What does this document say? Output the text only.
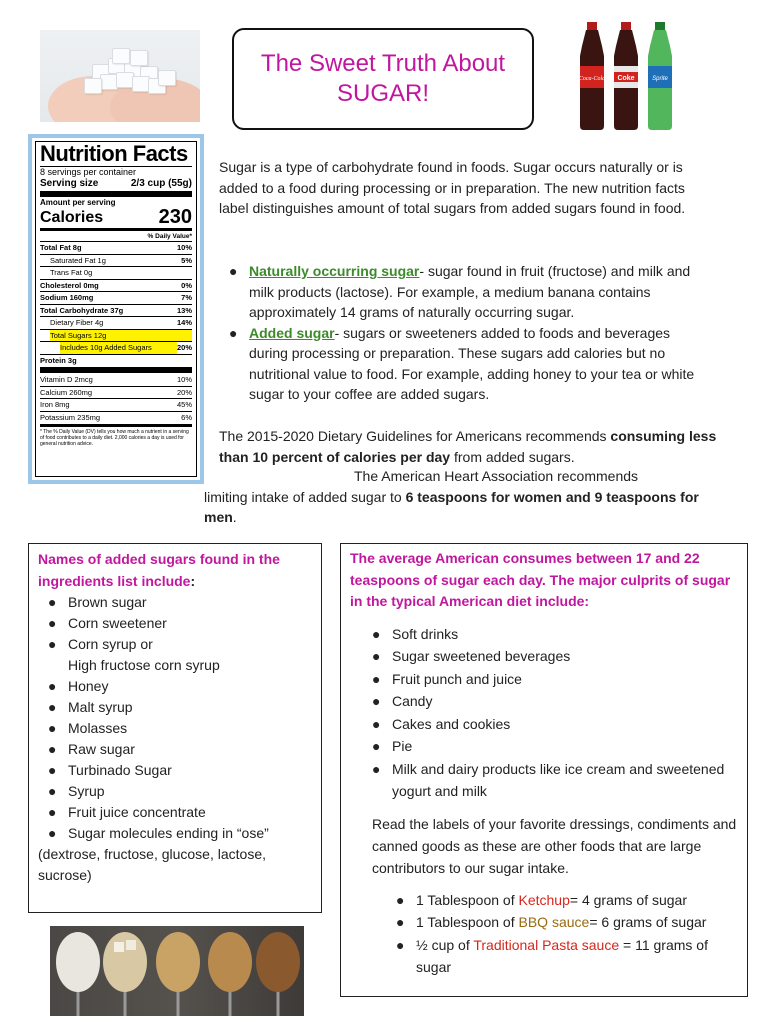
The Sweet Truth About
SUGAR!
Coca-Cola Coke	Sprite
Nutrition Facts
8 servings per container
Serving size	2/3 cup (55g)
Amount per serving
Calories	230
% Daily Value*
Total Fat 8g	10%
Saturated Fat 1g	5%
Trans Fat 0g
Cholesterol 0mg	0%
Sodium 160mg	7%
Total Carbohydrate 37g	13%
Dietary Fiber 4g	14%
Total Sugars 12g
Includes 10g Added Sugars	20%
Protein 3g
Vitamin D 2mcg	10%
Calcium 260mg	20%
Iron 8mg	45%
Potassium 235mg	6%
* The % Daily Value (DV) tells you how much a nutrient in a serving of food contributes to a daily diet. 2,000 calories a day is used for general nutrition advice.
Sugar is a type of carbohydrate found in foods. Sugar occurs naturally or is added to a food during processing or in preparation. The new nutrition facts label distinguishes amount of total sugars from added sugars found in food.
● Naturally occurring sugar- sugar found in fruit (fructose) and milk and milk products (lactose). For example, a medium banana contains approximately 14 grams of naturally occurring sugar.
● Added sugar- sugars or sweeteners added to foods and beverages during processing or preparation. These sugars add calories but no nutritional value to food. For example, adding honey to your tea or white sugar to your coffee are added sugars.
The 2015-2020 Dietary Guidelines for Americans recommends consuming less than 10 percent of calories per day from added sugars.
The American Heart Association recommends
limiting intake of added sugar to 6 teaspoons for women and 9 teaspoons for men.
Names of added sugars found in the ingredients list include:
● Brown sugar
● Corn sweetener
● Corn syrup or
High fructose corn syrup
● Honey
● Malt syrup
● Molasses
● Raw sugar
● Turbinado Sugar
● Syrup
● Fruit juice concentrate
● Sugar molecules ending in “ose”
(dextrose, fructose, glucose, lactose, sucrose)
The average American consumes between 17 and 22 teaspoons of sugar each day. The major culprits of sugar in the typical American diet include:
● Soft drinks
● Sugar sweetened beverages
● Fruit punch and juice
● Candy
● Cakes and cookies
● Pie
● Milk and dairy products like ice cream and sweetened yogurt and milk
Read the labels of your favorite dressings, condiments and canned goods as these are other foods that are large contributors to our sugar intake.
● 1 Tablespoon of Ketchup= 4 grams of sugar
● 1 Tablespoon of BBQ sauce= 6 grams of sugar
● ½ cup of Traditional Pasta sauce = 11 grams of sugar
